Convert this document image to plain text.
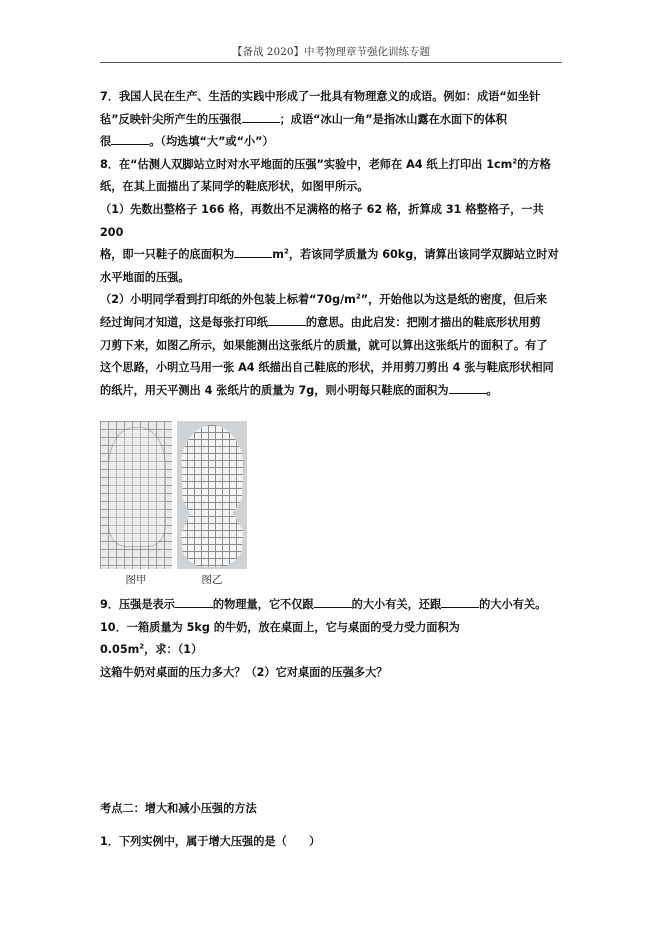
【备战 2020】中考物理章节强化训练专题

7．我国人民在生产、生活的实践中形成了一批具有物理意义的成语。例如：成语“如坐针

毡”反映针尖所产生的压强很	；成语“冰山一角”是指冰山露在水面下的体积

很	。（均选填“大”或“小”）

8．在“估测人双脚站立时对水平地面的压强”实验中，老师在 A4 纸上打印出 $1cm^2$的方格

纸，在其上面描出了某同学的鞋底形状，如图甲所示。

（1）先数出整格子 166 格，再数出不足满格的格子 62 格，折算成 31 格整格子，一共 200

格，即一只鞋子的底面积为	$m^2$，若该同学质量为 60kg，请算出该同学双脚站立时对

水平地面的压强。

（2）小明同学看到打印纸的外包装上标着“$70g/m^2$”，开始他以为这是纸的密度，但后来

经过询问才知道，这是每张打印纸	的意思。由此启发：把刚才描出的鞋底形状用剪

刀剪下来，如图乙所示，如果能测出这张纸片的质量，就可以算出这张纸片的面积了。有了

这个思路，小明立马用一张 A4 纸描出自己鞋底的形状，并用剪刀剪出 4 张与鞋底形状相同

的纸片，用天平测出 4 张纸片的质量为 7g，则小明每只鞋底的面积为	。

图甲	图乙

9．压强是表示	的物理量，它不仅跟	的大小有关，还跟	的大小有关。

10．一箱质量为 5kg 的牛奶，放在桌面上，它与桌面的受力受力面积为 $0.05m^2$，求：（1）

这箱牛奶对桌面的压力多大？（2）它对桌面的压强多大？

考点二：增大和减小压强的方法

1．下列实例中，属于增大压强的是（　　）
